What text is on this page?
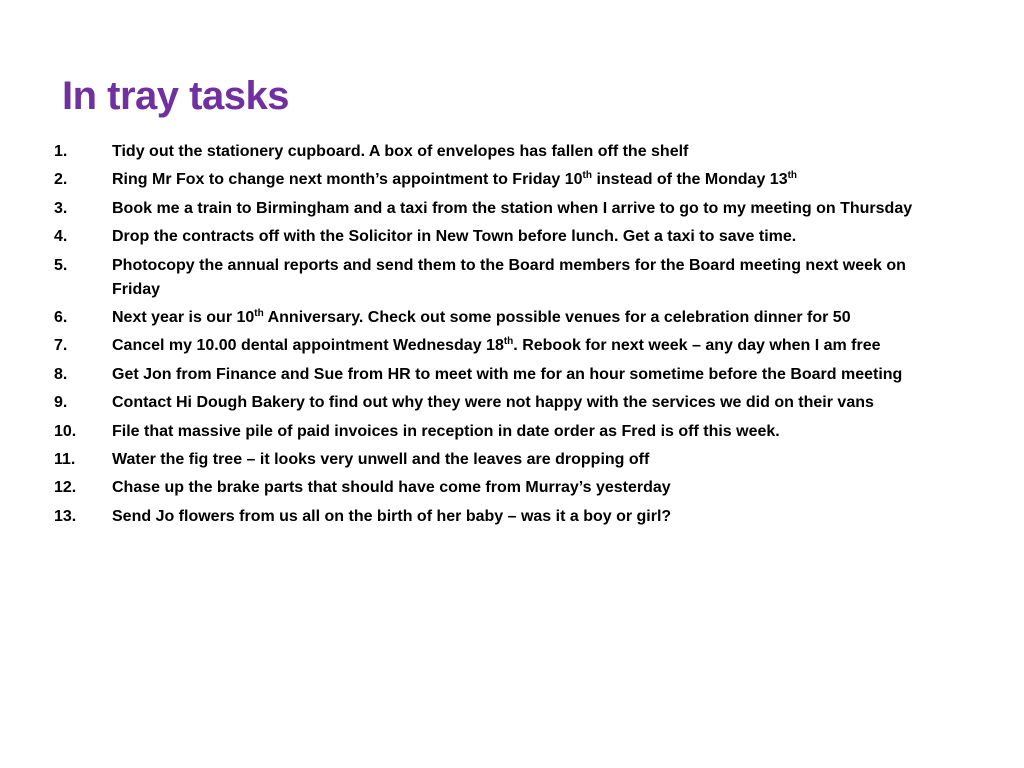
In tray tasks
1.	Tidy out the stationery cupboard. A box of envelopes has fallen off the shelf
2.	Ring Mr Fox to change next month’s appointment to Friday 10th instead of the Monday 13th
3.	Book me a train to Birmingham and a taxi from the station when I arrive to go to my meeting on Thursday
4.	Drop the contracts off with the Solicitor in New Town before lunch. Get a taxi to save time.
5.	Photocopy the annual reports and send them to the Board members for the Board meeting next week on Friday
6.	Next year is our 10th Anniversary. Check out some possible venues for a celebration dinner for 50
7.	Cancel my 10.00 dental appointment Wednesday 18th. Rebook for next week – any day when I am free
8.	Get Jon from Finance and Sue from HR to meet with me for an hour sometime before the Board meeting
9.	Contact Hi Dough Bakery to find out why they were not happy with the services we did on their vans
10.	File that massive pile of paid invoices in reception in date order as Fred is off this week.
11.	Water the fig tree – it looks very unwell and the leaves are dropping off
12.	Chase up the brake parts that should have come from Murray’s yesterday
13.	Send Jo flowers from us all on the birth of her baby – was it a boy or girl?
